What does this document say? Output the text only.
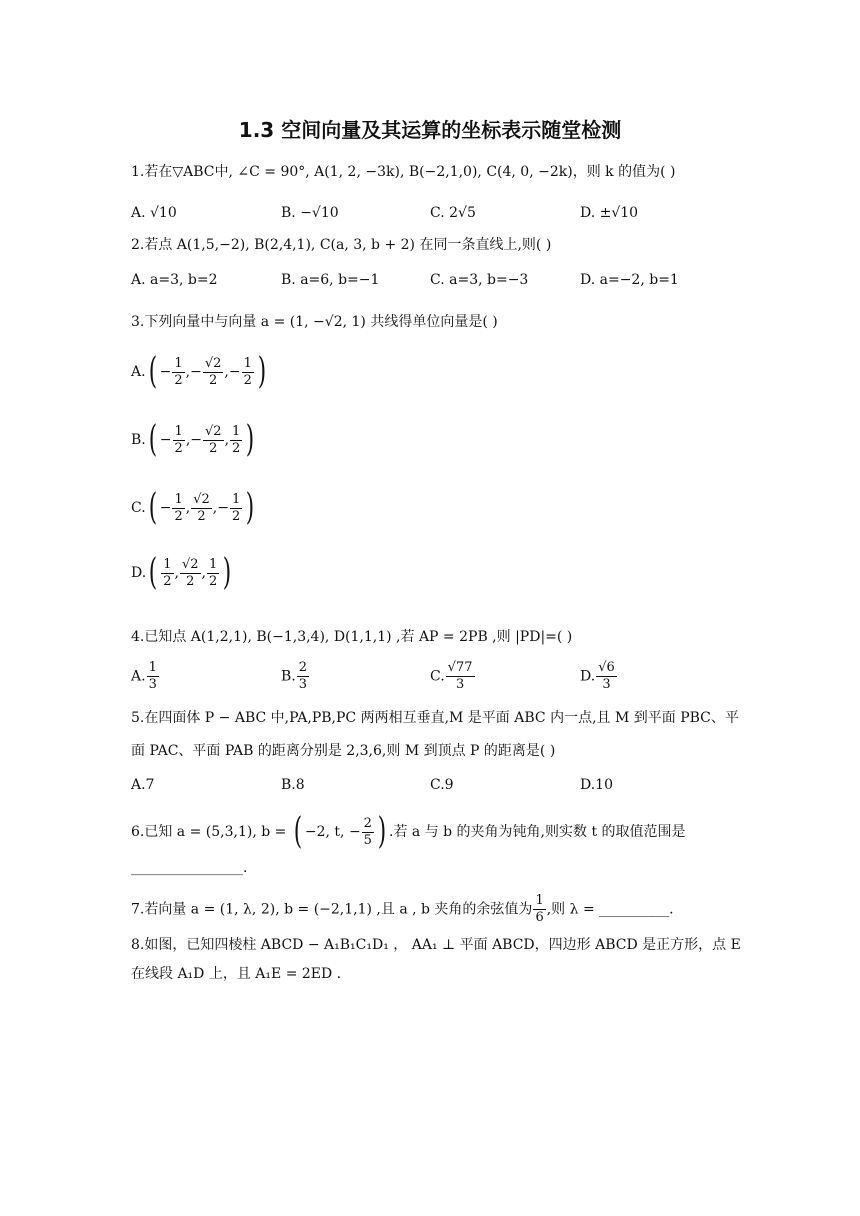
1.3 空间向量及其运算的坐标表示随堂检测
1.若在▽ABC中, ∠C = 90°, A(1, 2, −3k), B(−2,1,0), C(4, 0, −2k)，则 k 的值为( )
A. √10	B. −√10	C. 2√5	D. ±√10
2.若点 A(1,5,−2), B(2,4,1), C(a, 3, b + 2) 在同一条直线上,则( )
A. a=3, b=2	B. a=6, b=−1	C. a=3, b=−3	D. a=−2, b=1
3.下列向量中与向量 a = (1, −√2, 1) 共线得单位向量是( )
$A.( - \frac{1}{2}$ ,− $\frac{√2}{2}$ ,− $\frac{1}{2}$ )
$B.( - \frac{1}{2}$ ,− $\frac{√2}{2}$ , $\frac{1}{2}$ )
$C.( - \frac{1}{2}$ , $\frac{√2}{2}$ ,− $\frac{1}{2}$ )
$D.( \frac{1}{2}$ , $\frac{√2}{2}$ , $\frac{1}{2}$ )
4.已知点 A(1,2,1), B(−1,3,4), D(1,1,1) ,若 AP = 2PB ,则 |PD|=( )
A. $\frac{1}{3}$	B. $\frac{2}{3}$	C. $\frac{√77}{3}$	D. $\frac{√6}{3}$
5.在四面体 P − ABC 中,PA,PB,PC 两两相互垂直,M 是平面 ABC 内一点,且 M 到平面 PBC、平
面 PAC、平面 PAB 的距离分别是 2,3,6,则 M 到顶点 P 的距离是( )
A.7	B.8	C.9	D.10
6.已知 a = (5,3,1), b = ( −2, t, − $\frac{2}{5}$ ) .若 a 与 b 的夹角为钝角,则实数 t 的取值范围是
________________.
7.若向量 a = (1, λ, 2), b = (−2,1,1) ,且 a , b 夹角的余弦值为 $\frac{1}{6}$ ,则 λ = __________.
8.如图，已知四棱柱 ABCD − A₁B₁C₁D₁ ， AA₁ ⊥ 平面 ABCD，四边形 ABCD 是正方形，点 E
在线段 A₁D 上，且 A₁E = 2ED .
